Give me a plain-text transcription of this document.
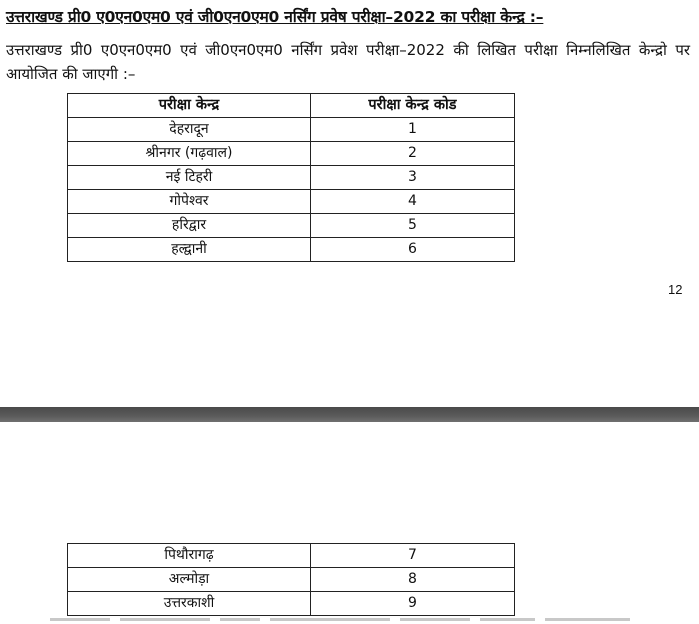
उत्तराखण्ड प्री0 ए0एन0एम0 एवं जी0एन0एम0 नर्सिंग प्रवेष परीक्षा–2022 का परीक्षा केन्द्र :–
उत्तराखण्ड प्री0 ए0एन0एम0 एवं जी0एन0एम0 नर्सिंग प्रवेश परीक्षा–2022 की लिखित परीक्षा निम्नलिखित केन्द्रो पर आयोजित की जाएगी :–
परीक्षा केन्द्र	परीक्षा केन्द्र कोड
देहरादून	1
श्रीनगर (गढ़वाल)	2
नई टिहरी	3
गोपेश्वर	4
हरिद्वार	5
हल्द्वानी	6
12
पिथौरागढ़	7
अल्मोड़ा	8
उत्तरकाशी	9
